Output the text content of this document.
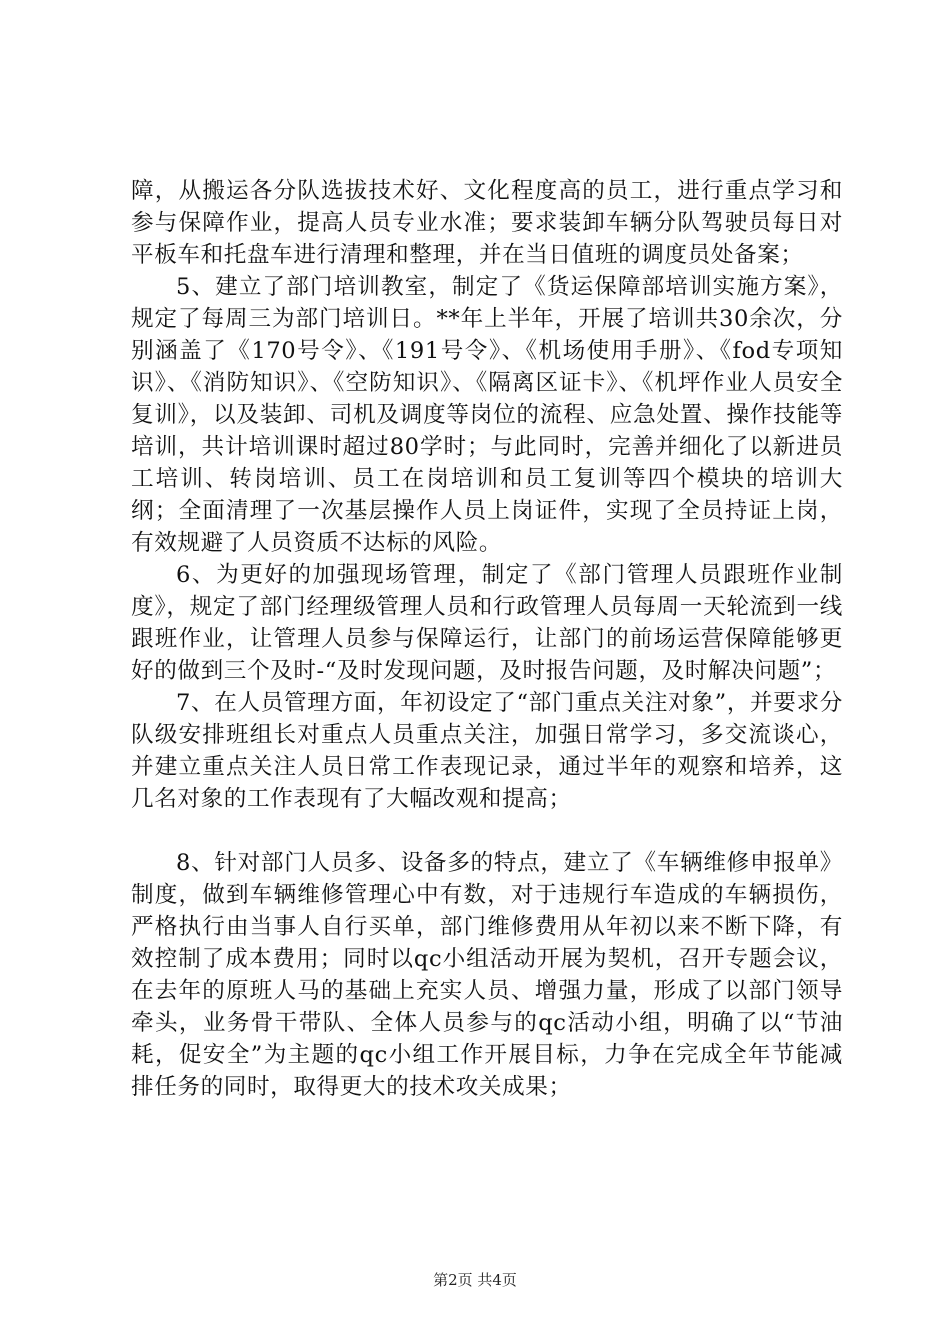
障，从搬运各分队选拔技术好、文化程度高的员工，进行重点学习和参与保障作业，提高人员专业水准；要求装卸车辆分队驾驶员每日对平板车和托盘车进行清理和整理，并在当日值班的调度员处备案；

5、建立了部门培训教室，制定了《货运保障部培训实施方案》，规定了每周三为部门培训日。**年上半年，开展了培训共30余次，分别涵盖了《170号令》、《191号令》、《机场使用手册》、《fod专项知识》、《消防知识》、《空防知识》、《隔离区证卡》、《机坪作业人员安全复训》，以及装卸、司机及调度等岗位的流程、应急处置、操作技能等培训，共计培训课时超过80学时；与此同时，完善并细化了以新进员工培训、转岗培训、员工在岗培训和员工复训等四个模块的培训大纲；全面清理了一次基层操作人员上岗证件，实现了全员持证上岗，有效规避了人员资质不达标的风险。

6、为更好的加强现场管理，制定了《部门管理人员跟班作业制度》，规定了部门经理级管理人员和行政管理人员每周一天轮流到一线跟班作业，让管理人员参与保障运行，让部门的前场运营保障能够更好的做到三个及时-“及时发现问题，及时报告问题，及时解决问题”；

7、在人员管理方面，年初设定了“部门重点关注对象”，并要求分队级安排班组长对重点人员重点关注，加强日常学习，多交流谈心，并建立重点关注人员日常工作表现记录，通过半年的观察和培养，这几名对象的工作表现有了大幅改观和提高；

8、针对部门人员多、设备多的特点，建立了《车辆维修申报单》制度，做到车辆维修管理心中有数，对于违规行车造成的车辆损伤，严格执行由当事人自行买单，部门维修费用从年初以来不断下降，有效控制了成本费用；同时以qc小组活动开展为契机，召开专题会议，在去年的原班人马的基础上充实人员、增强力量，形成了以部门领导牵头，业务骨干带队、全体人员参与的qc活动小组，明确了以“节油耗，促安全”为主题的qc小组工作开展目标，力争在完成全年节能减排任务的同时，取得更大的技术攻关成果；

第2页 共4页
